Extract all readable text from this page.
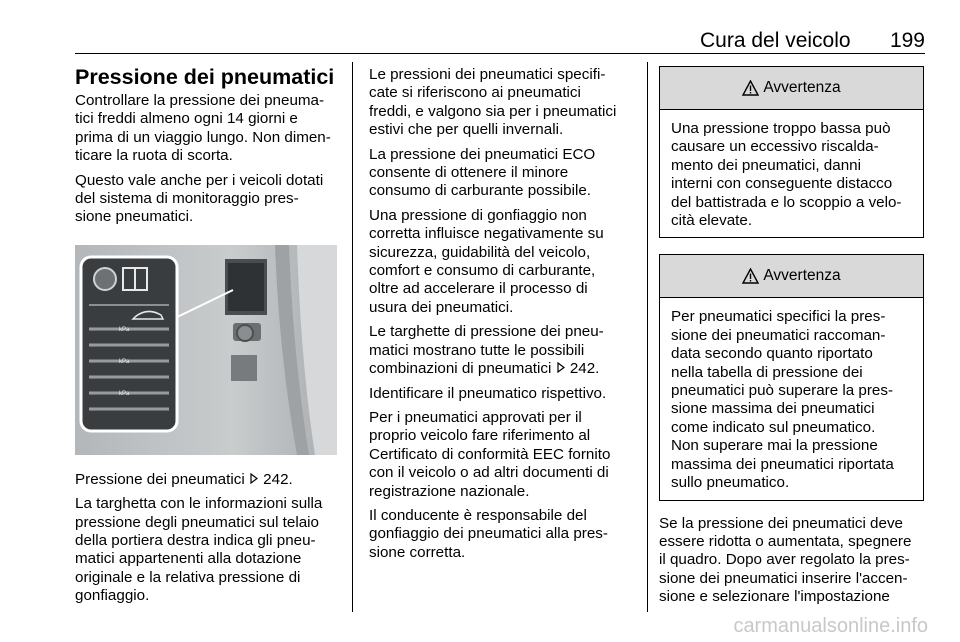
Cura del veicolo 199
Pressione dei pneumatici

Controllare la pressione dei pneuma-
tici freddi almeno ogni 14 giorni e
prima di un viaggio lungo. Non dimen-
ticare la ruota di scorta.

Questo vale anche per i veicoli dotati
del sistema di monitoraggio pres-
sione pneumatici.

kPa
kPa
kPa

Pressione dei pneumatici 242.

La targhetta con le informazioni sulla
pressione degli pneumatici sul telaio
della portiera destra indica gli pneu-
matici appartenenti alla dotazione
originale e la relativa pressione di
gonfiaggio.

Le pressioni dei pneumatici specifi-
cate si riferiscono ai pneumatici
freddi, e valgono sia per i pneumatici
estivi che per quelli invernali.

La pressione dei pneumatici ECO
consente di ottenere il minore
consumo di carburante possibile.

Una pressione di gonfiaggio non
corretta influisce negativamente su
sicurezza, guidabilità del veicolo,
comfort e consumo di carburante,
oltre ad accelerare il processo di
usura dei pneumatici.

Le targhette di pressione dei pneu-
matici mostrano tutte le possibili
combinazioni di pneumatici 242.

Identificare il pneumatico rispettivo.

Per i pneumatici approvati per il
proprio veicolo fare riferimento al
Certificato di conformità EEC fornito
con il veicolo o ad altri documenti di
registrazione nazionale.

Il conducente è responsabile del
gonfiaggio dei pneumatici alla pres-
sione corretta.

Avvertenza
Una pressione troppo bassa può
causare un eccessivo riscalda-
mento dei pneumatici, danni
interni con conseguente distacco
del battistrada e lo scoppio a velo-
cità elevate.
Avvertenza
Per pneumatici specifici la pres-
sione dei pneumatici raccoman-
data secondo quanto riportato
nella tabella di pressione dei
pneumatici può superare la pres-
sione massima dei pneumatici
come indicato sul pneumatico.
Non superare mai la pressione
massima dei pneumatici riportata
sullo pneumatico.

Se la pressione dei pneumatici deve
essere ridotta o aumentata, spegnere
il quadro. Dopo aver regolato la pres-
sione dei pneumatici inserire l'accen-
sione e selezionare l'impostazione

carmanualsonline.info
